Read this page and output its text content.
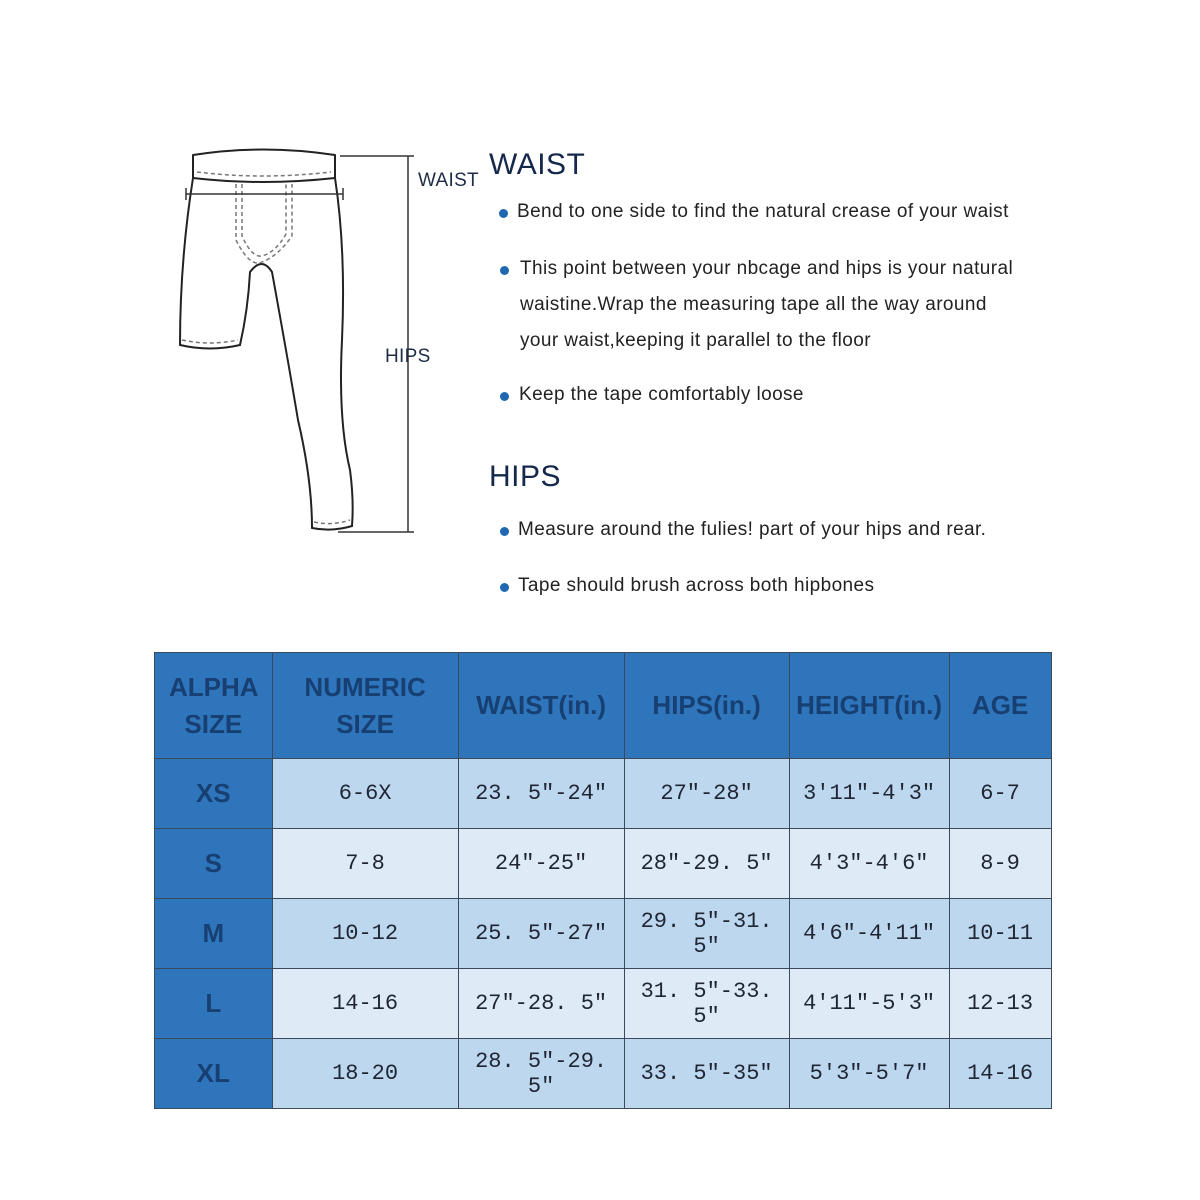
WAIST
HIPS
WAIST
Bend to one side to find the natural crease of your waist
This point between your nbcage and hips is your natural
waistine.Wrap the measuring tape all the way around
your waist,keeping it parallel to the floor
Keep the tape comfortably loose
HIPS
Measure around the fulies! part of your hips and rear.
Tape should brush across both hipbones
ALPHA SIZE	NUMERIC SIZE	WAIST(in.)	HIPS(in.)	HEIGHT(in.)	AGE
XS	6-6X	23. 5"-24"	27"-28"	3'11"-4'3"	6-7
S	7-8	24"-25"	28"-29. 5"	4'3"-4'6"	8-9
M	10-12	25. 5"-27"	29. 5"-31. 5"	4'6"-4'11"	10-11
L	14-16	27"-28. 5"	31. 5"-33. 5"	4'11"-5'3"	12-13
XL	18-20	28. 5"-29. 5"	33. 5"-35"	5'3"-5'7"	14-16
